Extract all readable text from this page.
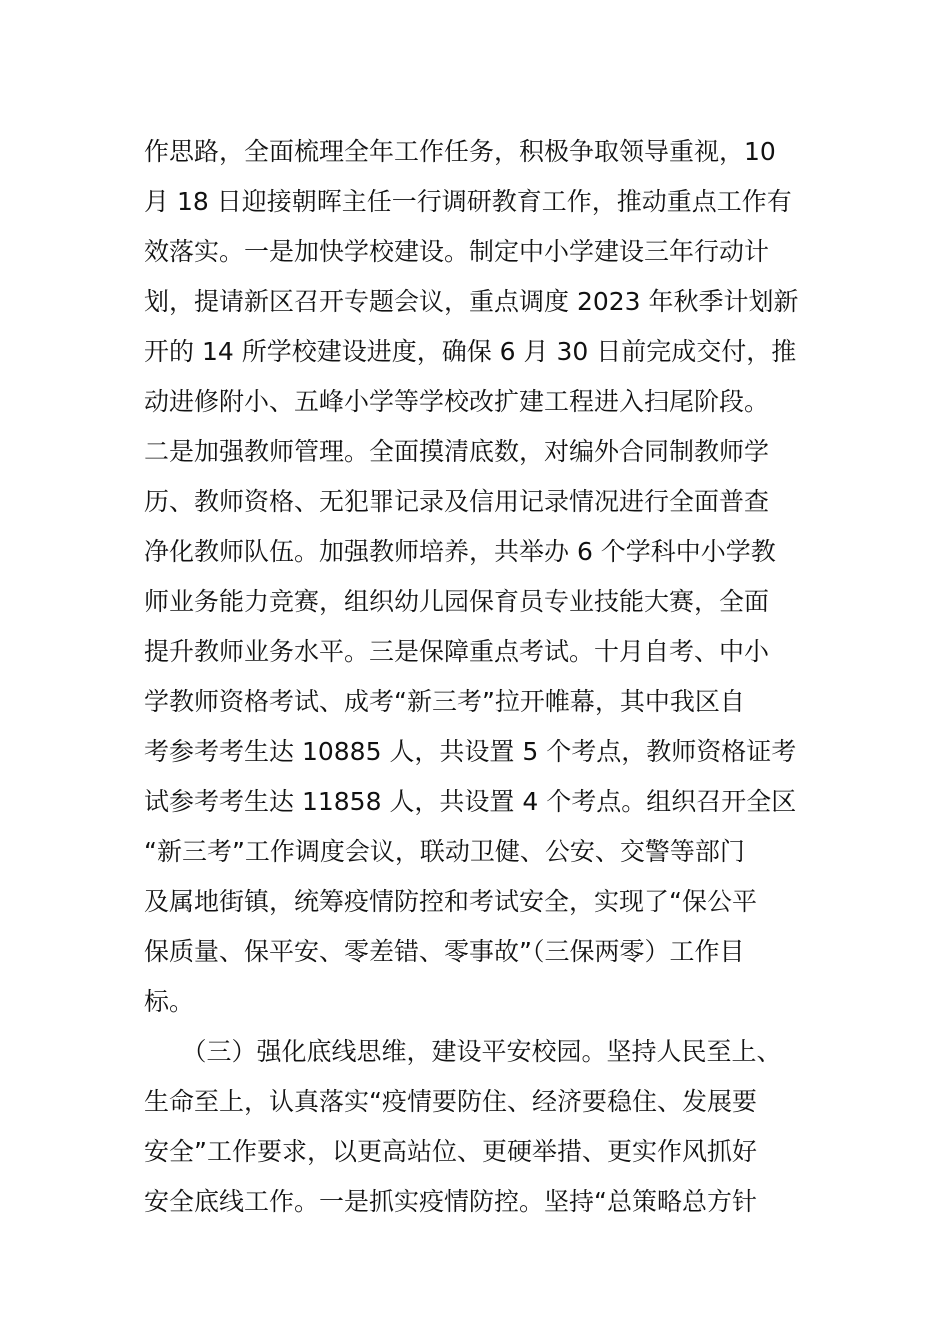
作思路，全面梳理全年工作任务，积极争取领导重视，10
月 18 日迎接朝晖主任一行调研教育工作，推动重点工作有
效落实。一是加快学校建设。制定中小学建设三年行动计
划，提请新区召开专题会议，重点调度 2023 年秋季计划新
开的 14 所学校建设进度，确保 6 月 30 日前完成交付，推
动进修附小、五峰小学等学校改扩建工程进入扫尾阶段。
二是加强教师管理。全面摸清底数，对编外合同制教师学
历、教师资格、无犯罪记录及信用记录情况进行全面普查
净化教师队伍。加强教师培养，共举办 6 个学科中小学教
师业务能力竞赛，组织幼儿园保育员专业技能大赛，全面
提升教师业务水平。三是保障重点考试。十月自考、中小
学教师资格考试、成考“新三考”拉开帷幕，其中我区自
考参考考生达 10885 人，共设置 5 个考点，教师资格证考
试参考考生达 11858 人，共设置 4 个考点。组织召开全区
“新三考”工作调度会议，联动卫健、公安、交警等部门
及属地街镇，统筹疫情防控和考试安全，实现了“保公平
保质量、保平安、零差错、零事故”（三保两零）工作目
标。
　　（三）强化底线思维，建设平安校园。坚持人民至上、
生命至上，认真落实“疫情要防住、经济要稳住、发展要
安全”工作要求，以更高站位、更硬举措、更实作风抓好
安全底线工作。一是抓实疫情防控。坚持“总策略总方针
